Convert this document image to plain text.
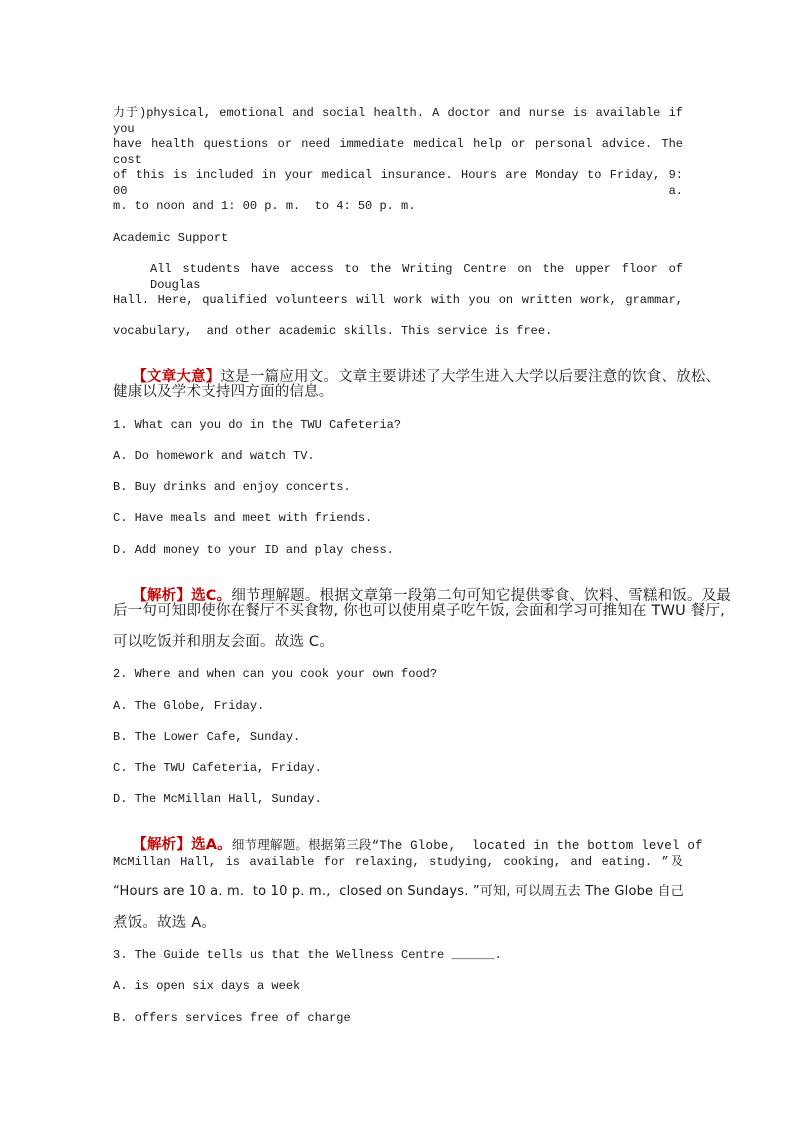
力于)physical, emotional and social health. A doctor and nurse is available if you
have health questions or need immediate medical help or personal advice. The cost
of this is included in your medical insurance. Hours are Monday to Friday, 9: 00 a.
m. to noon and 1: 00 p. m.  to 4: 50 p. m.
Academic Support
All students have access to the Writing Centre on the upper floor of Douglas
Hall. Here, qualified volunteers will work with you on written work, grammar,
vocabulary,  and other academic skills. This service is free.

【文章大意】这是一篇应用文。文章主要讲述了大学生进入大学以后要注意的饮食、放松、

健康以及学术支持四方面的信息。
1. What can you do in the TWU Cafeteria?
A. Do homework and watch TV.
B. Buy drinks and enjoy concerts.
C. Have meals and meet with friends.
D. Add money to your ID and play chess.

【解析】选C。细节理解题。根据文章第一段第二句可知它提供零食、饮料、雪糕和饭。及最

后一句可知即使你在餐厅不买食物, 你也可以使用桌子吃午饭, 会面和学习可推知在 TWU 餐厅,
可以吃饭并和朋友会面。故选 C。
2. Where and when can you cook your own food?
A. The Globe, Friday.
B. The Lower Cafe, Sunday.
C. The TWU Cafeteria, Friday.
D. The McMillan Hall, Sunday.

【解析】选A。细节理解题。根据第三段“The Globe,  located in the bottom level of

McMillan Hall, is available for relaxing, studying, cooking, and eating. ”及
“Hours are 10 a. m.  to 10 p. m.,  closed on Sundays. ”可知, 可以周五去 The Globe 自己
煮饭。故选 A。
3. The Guide tells us that the Wellness Centre ______.
A. is open six days a week
B. offers services free of charge
